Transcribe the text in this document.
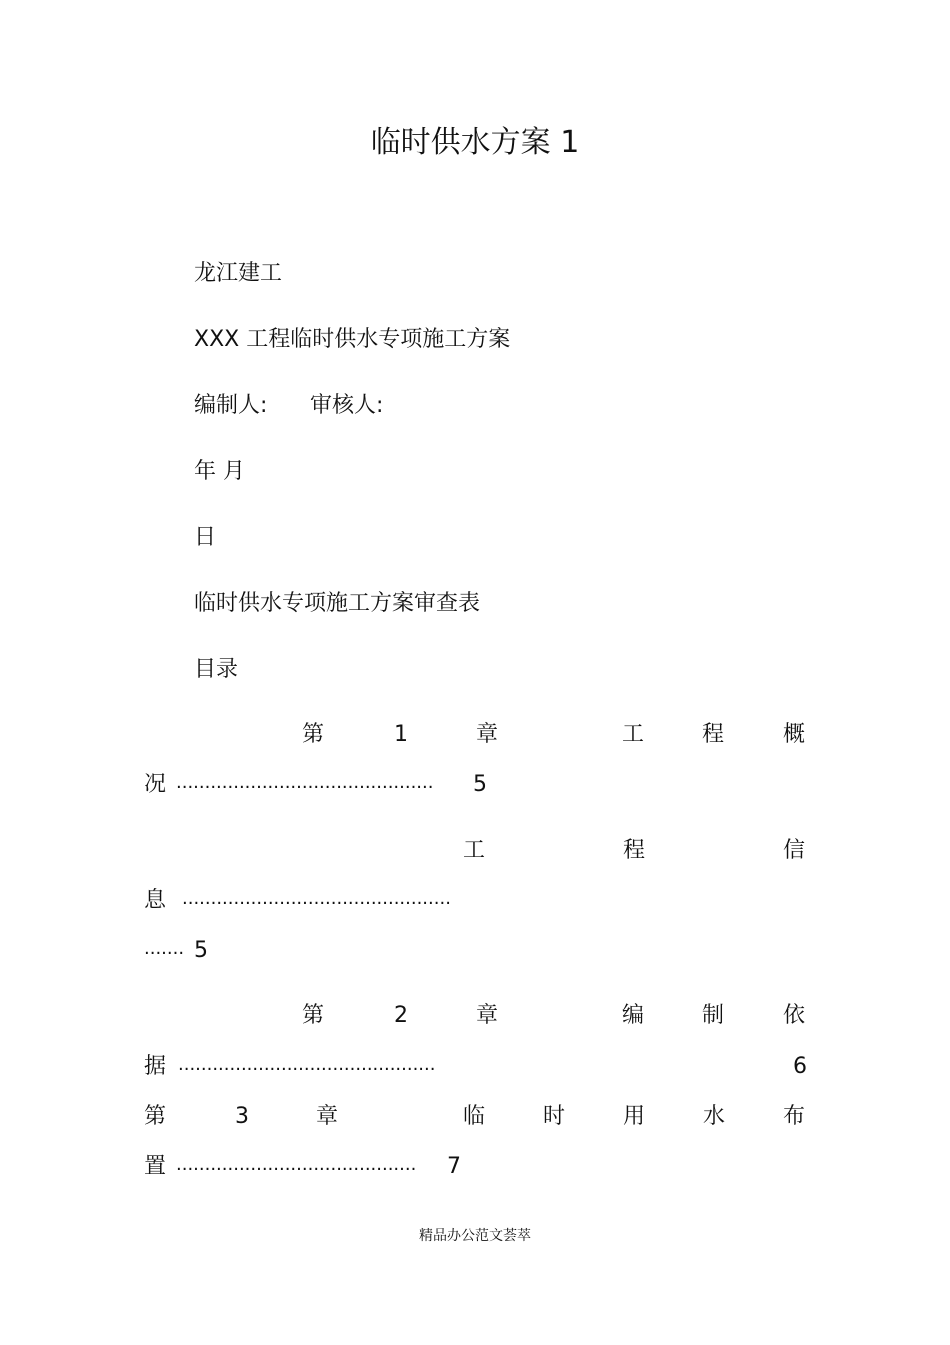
临时供水方案 1
龙江建工
XXX 工程临时供水专项施工方案
编制人: 审核人:
年 月
日
临时供水专项施工方案审查表
目录
第	1	章	工	程	概
况 ............................................. 5
工	程	信
息 ...............................................
....... 5
第	2	章	编	制	依
据 .............................................	6
第	3	章	临	时	用	水	布
置 .......................................... 7
精品办公范文荟萃
